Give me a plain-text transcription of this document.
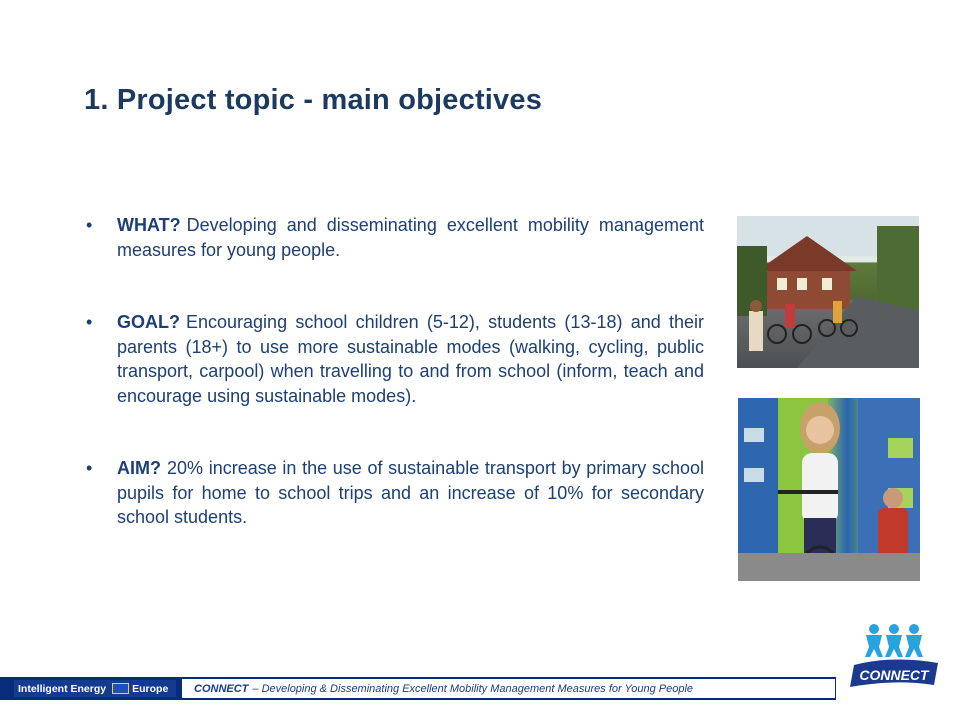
1. Project topic - main objectives
• WHAT? Developing and disseminating excellent mobility management measures for young people.
• GOAL? Encouraging school children (5-12), students (13-18) and their parents (18+) to use more sustainable modes (walking, cycling, public transport, carpool) when travelling to and from school (inform, teach and encourage using sustainable modes).
• AIM? 20% increase in the use of sustainable transport by primary school pupils for home to school trips and an increase of 10% for secondary school students.
Intelligent Energy Europe CONNECT – Developing & Disseminating Excellent Mobility Management Measures for Young People
CONNECT
